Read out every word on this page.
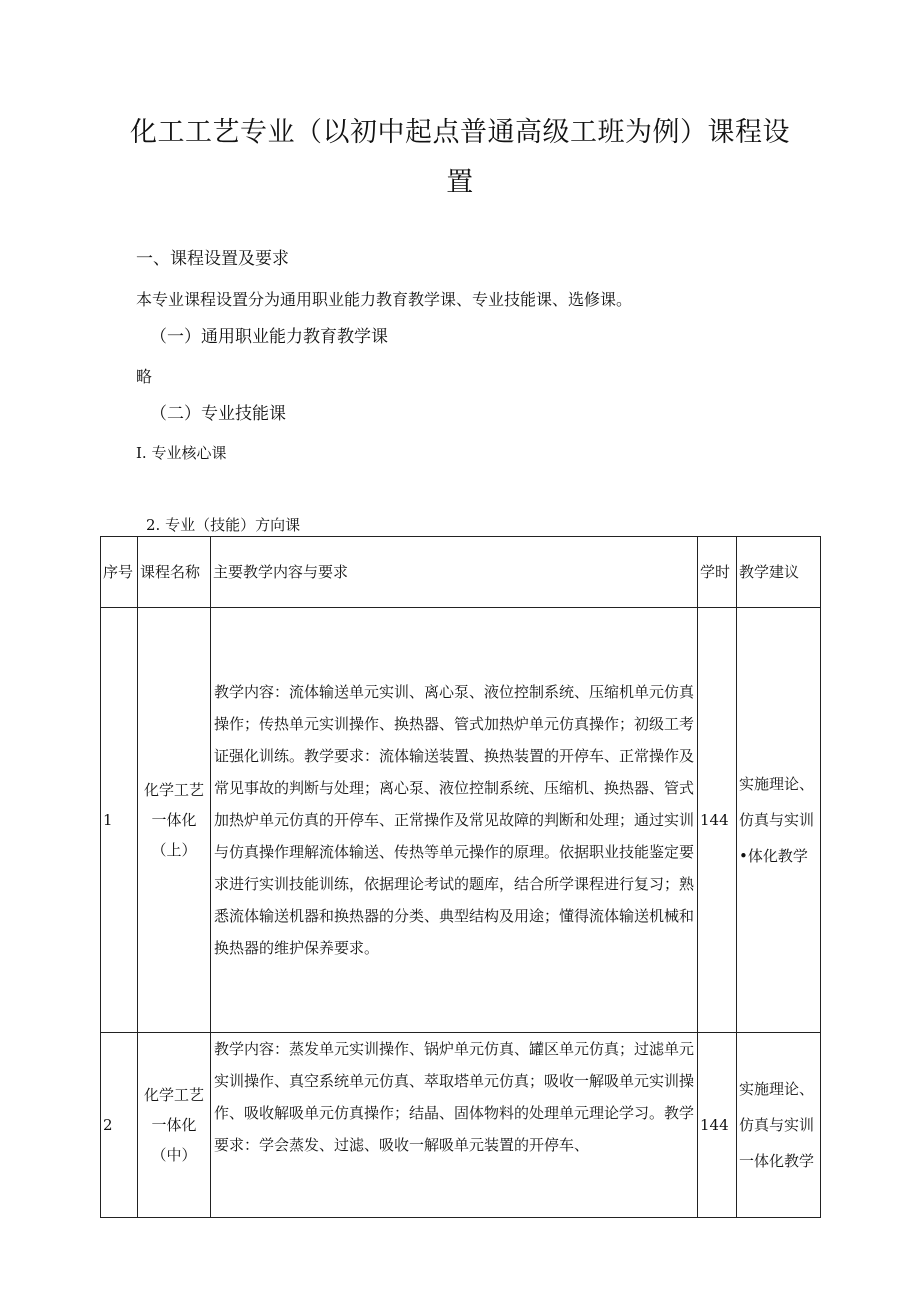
化工工艺专业（以初中起点普通高级工班为例）课程设
置
一、课程设置及要求
本专业课程设置分为通用职业能力教育教学课、专业技能课、选修课。
（一）通用职业能力教育教学课
略
（二）专业技能课
I. 专业核心课
2. 专业（技能）方向课
序号	课程名称	主要教学内容与要求	学时	教学建议
1	化学工艺一体化（上）	教学内容：流体输送单元实训、离心泵、液位控制系统、压缩机单元仿真操作；传热单元实训操作、换热器、管式加热炉单元仿真操作；初级工考证强化训练。教学要求：流体输送装置、换热装置的开停车、正常操作及常见事故的判断与处理；离心泵、液位控制系统、压缩机、换热器、管式加热炉单元仿真的开停车、正常操作及常见故障的判断和处理；通过实训与仿真操作理解流体输送、传热等单元操作的原理。依据职业技能鉴定要求进行实训技能训练，依据理论考试的题库，结合所学课程进行复习；熟悉流体输送机器和换热器的分类、典型结构及用途；懂得流体输送机械和换热器的维护保养要求。	144	实施理论、仿真与实训•体化教学
2	化学工艺一体化（中）	教学内容：蒸发单元实训操作、锅炉单元仿真、罐区单元仿真；过滤单元实训操作、真空系统单元仿真、萃取塔单元仿真；吸收一解吸单元实训操作、吸收解吸单元仿真操作；结晶、固体物料的处理单元理论学习。教学要求：学会蒸发、过滤、吸收一解吸单元装置的开停车、	144	实施理论、仿真与实训一体化教学
